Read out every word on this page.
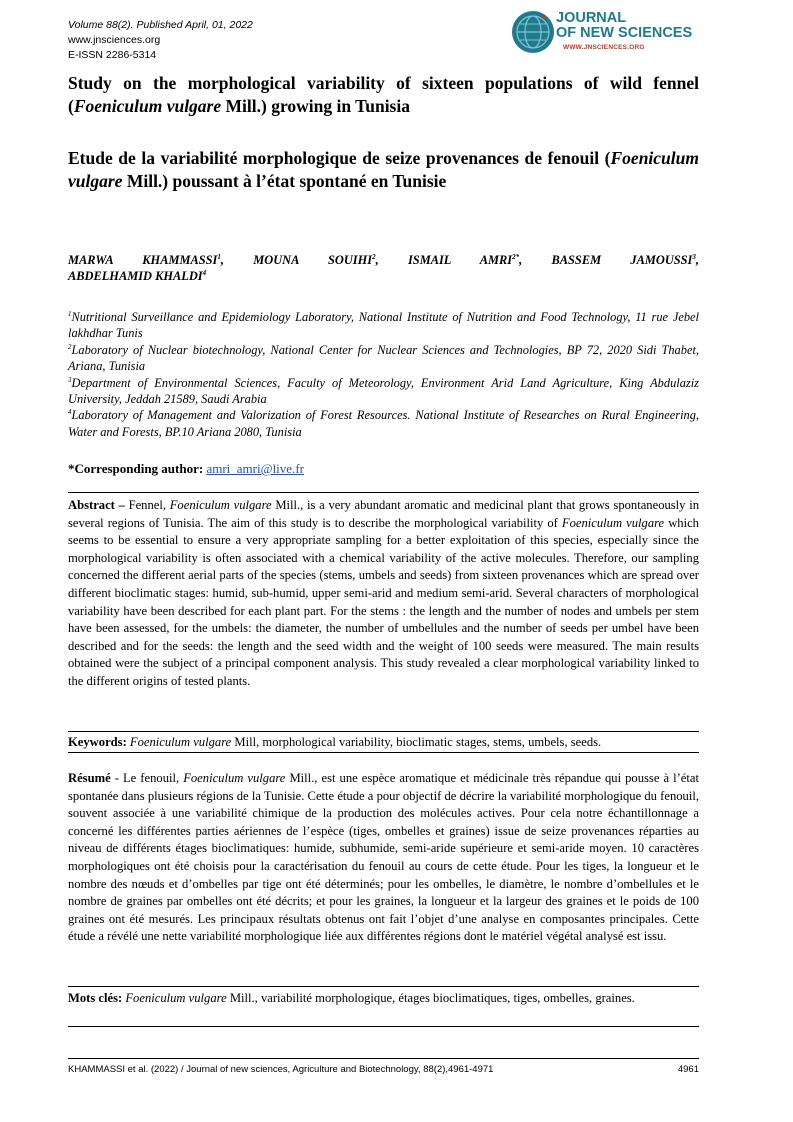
Volume 88(2). Published April, 01, 2022
www.jnsciences.org
E-ISSN 2286-5314
JOURNAL
OF NEW SCIENCES
WWW.JNSCIENCES.ORG
Study on the morphological variability of sixteen populations of wild fennel (Foeniculum vulgare Mill.) growing in Tunisia
Etude de la variabilité morphologique de seize provenances de fenouil (Foeniculum vulgare Mill.) poussant à l’état spontané en Tunisie
MARWA KHAMMASSI$^1$, MOUNA SOUIHI$^2$, ISMAIL $AMRI^{2*}$, BASSEM JAMOUSSI$^3$,
ABDELHAMID KHALDI$^4$

$^1$Nutritional Surveillance and Epidemiology Laboratory, National Institute of Nutrition and Food Technology, 11 rue Jebel lakhdhar Tunis

$^2$Laboratory of Nuclear biotechnology, National Center for Nuclear Sciences and Technologies, BP 72, 2020 Sidi Thabet, Ariana, Tunisia

$^3$Department of Environmental Sciences, Faculty of Meteorology, Environment Arid Land Agriculture, King Abdulaziz University, Jeddah 21589, Saudi Arabia

$^4$Laboratory of Management and Valorization of Forest Resources. National Institute of Researches on Rural Engineering, Water and Forests, BP.10 Ariana 2080, Tunisia

*Corresponding author: amri_amri@live.fr
Abstract – Fennel, Foeniculum vulgare Mill., is a very abundant aromatic and medicinal plant that grows spontaneously in several regions of Tunisia. The aim of this study is to describe the morphological variability of Foeniculum vulgare which seems to be essential to ensure a very appropriate sampling for a better exploitation of this species, especially since the morphological variability is often associated with a chemical variability of the active molecules. Therefore, our sampling concerned the different aerial parts of the species (stems, umbels and seeds) from sixteen provenances which are spread over different bioclimatic stages: humid, sub-humid, upper semi-arid and medium semi-arid. Several characters of morphological variability have been described for each plant part. For the stems : the length and the number of nodes and umbels per stem have been assessed, for the umbels: the diameter, the number of umbellules and the number of seeds per umbel have been described and for the seeds: the length and the seed width and the weight of 100 seeds were measured. The main results obtained were the subject of a principal component analysis. This study revealed a clear morphological variability linked to the different origins of tested plants.
Keywords: Foeniculum vulgare Mill, morphological variability, bioclimatic stages, stems, umbels, seeds.
Résumé - Le fenouil, Foeniculum vulgare Mill., est une espèce aromatique et médicinale très répandue qui pousse à l’état spontanée dans plusieurs régions de la Tunisie. Cette étude a pour objectif de décrire la variabilité morphologique du fenouil, souvent associée à une variabilité chimique de la production des molécules actives. Pour cela notre échantillonnage a concerné les différentes parties aériennes de l’espèce (tiges, ombelles et graines) issue de seize provenances réparties au niveau de différents étages bioclimatiques: humide, subhumide, semi-aride supérieure et semi-aride moyen. 10 caractères morphologiques ont été choisis pour la caractérisation du fenouil au cours de cette étude. Pour les tiges, la longueur et le nombre des nœuds et d’ombelles par tige ont été déterminés; pour les ombelles, le diamètre, le nombre d’ombellules et le nombre de graines par ombelles ont été décrits; et pour les graines, la longueur et la largeur des graines et le poids de 100 graines ont été mesurés. Les principaux résultats obtenus ont fait l’objet d’une analyse en composantes principales. Cette étude a révélé une nette variabilité morphologique liée aux différentes régions dont le matériel végétal analysé est issu.
Mots clés: Foeniculum vulgare Mill., variabilité morphologique, étages bioclimatiques, tiges, ombelles, graines.
KHAMMASSI et al. (2022) / Journal of new sciences, Agriculture and Biotechnology, 88(2),4961-4971	4961
